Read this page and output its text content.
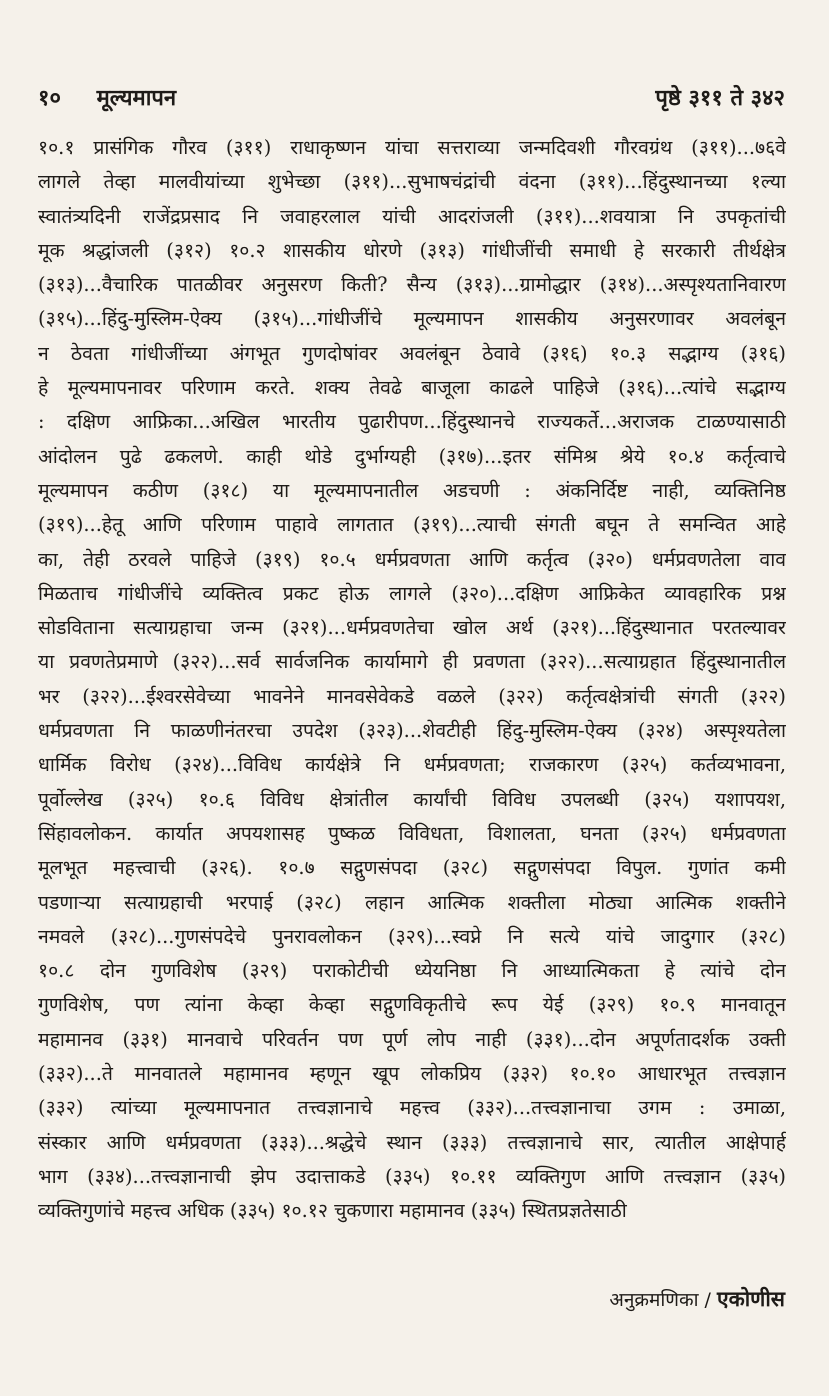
१० मूल्यमापन	पृष्ठे ३११ ते ३४२
१०.१ प्रासंगिक गौरव (३११) राधाकृष्णन यांचा सत्तराव्या जन्मदिवशी गौरवग्रंथ (३११)...७६वे
लागले तेव्हा मालवीयांच्या शुभेच्छा (३११)...सुभाषचंद्रांची वंदना (३११)...हिंदुस्थानच्या १ल्या
स्वातंत्र्यदिनी राजेंद्रप्रसाद नि जवाहरलाल यांची आदरांजली (३११)...शवयात्रा नि उपकृतांची
मूक श्रद्धांजली (३१२) १०.२ शासकीय धोरणे (३१३) गांधीजींची समाधी हे सरकारी तीर्थक्षेत्र
(३१३)...वैचारिक पातळीवर अनुसरण किती? सैन्य (३१३)...ग्रामोद्धार (३१४)...अस्पृश्यतानिवारण
(३१५)...हिंदु-मुस्लिम-ऐक्य (३१५)...गांधीजींचे मूल्यमापन शासकीय अनुसरणावर अवलंबून
न ठेवता गांधीजींच्या अंगभूत गुणदोषांवर अवलंबून ठेवावे (३१६) १०.३ सद्भाग्य (३१६)
हे मूल्यमापनावर परिणाम करते. शक्य तेवढे बाजूला काढले पाहिजे (३१६)...त्यांचे सद्भाग्य
: दक्षिण आफ्रिका...अखिल भारतीय पुढारीपण...हिंदुस्थानचे राज्यकर्ते...अराजक टाळण्यासाठी
आंदोलन पुढे ढकलणे. काही थोडे दुर्भाग्यही (३१७)...इतर संमिश्र श्रेये १०.४ कर्तृत्वाचे
मूल्यमापन कठीण (३१८) या मूल्यमापनातील अडचणी : अंकनिर्दिष्ट नाही, व्यक्तिनिष्ठ
(३१९)...हेतू आणि परिणाम पाहावे लागतात (३१९)...त्याची संगती बघून ते समन्वित आहे
का, तेही ठरवले पाहिजे (३१९) १०.५ धर्मप्रवणता आणि कर्तृत्व (३२०) धर्मप्रवणतेला वाव
मिळताच गांधीजींचे व्यक्तित्व प्रकट होऊ लागले (३२०)...दक्षिण आफ्रिकेत व्यावहारिक प्रश्न
सोडविताना सत्याग्रहाचा जन्म (३२१)...धर्मप्रवणतेचा खोल अर्थ (३२१)...हिंदुस्थानात परतल्यावर
या प्रवणतेप्रमाणे (३२२)...सर्व सार्वजनिक कार्यामागे ही प्रवणता (३२२)...सत्याग्रहात हिंदुस्थानातील
भर (३२२)...ईश्वरसेवेच्या भावनेने मानवसेवेकडे वळले (३२२) कर्तृत्वक्षेत्रांची संगती (३२२)
धर्मप्रवणता नि फाळणीनंतरचा उपदेश (३२३)...शेवटीही हिंदु-मुस्लिम-ऐक्य (३२४) अस्पृश्यतेला
धार्मिक विरोध (३२४)...विविध कार्यक्षेत्रे नि धर्मप्रवणता; राजकारण (३२५) कर्तव्यभावना,
पूर्वोल्लेख (३२५) १०.६ विविध क्षेत्रांतील कार्यांची विविध उपलब्धी (३२५) यशापयश,
सिंहावलोकन. कार्यात अपयशासह पुष्कळ विविधता, विशालता, घनता (३२५) धर्मप्रवणता
मूलभूत महत्त्वाची (३२६). १०.७ सद्गुणसंपदा (३२८) सद्गुणसंपदा विपुल. गुणांत कमी
पडणाऱ्या सत्याग्रहाची भरपाई (३२८) लहान आत्मिक शक्तीला मोठ्या आत्मिक शक्तीने
नमवले (३२८)...गुणसंपदेचे पुनरावलोकन (३२९)...स्वप्ने नि सत्ये यांचे जादुगार (३२८)
१०.८ दोन गुणविशेष (३२९) पराकोटीची ध्येयनिष्ठा नि आध्यात्मिकता हे त्यांचे दोन
गुणविशेष, पण त्यांना केव्हा केव्हा सद्गुणविकृतीचे रूप येई (३२९) १०.९ मानवातून
महामानव (३३१) मानवाचे परिवर्तन पण पूर्ण लोप नाही (३३१)...दोन अपूर्णतादर्शक उक्ती
(३३२)...ते मानवातले महामानव म्हणून खूप लोकप्रिय (३३२) १०.१० आधारभूत तत्त्वज्ञान
(३३२) त्यांच्या मूल्यमापनात तत्त्वज्ञानाचे महत्त्व (३३२)...तत्त्वज्ञानाचा उगम : उमाळा,
संस्कार आणि धर्मप्रवणता (३३३)...श्रद्धेचे स्थान (३३३) तत्त्वज्ञानाचे सार, त्यातील आक्षेपार्ह
भाग (३३४)...तत्त्वज्ञानाची झेप उदात्ताकडे (३३५) १०.११ व्यक्तिगुण आणि तत्त्वज्ञान (३३५)
व्यक्तिगुणांचे महत्त्व अधिक (३३५) १०.१२ चुकणारा महामानव (३३५) स्थितप्रज्ञतेसाठी
अनुक्रमणिका / एकोणीस
